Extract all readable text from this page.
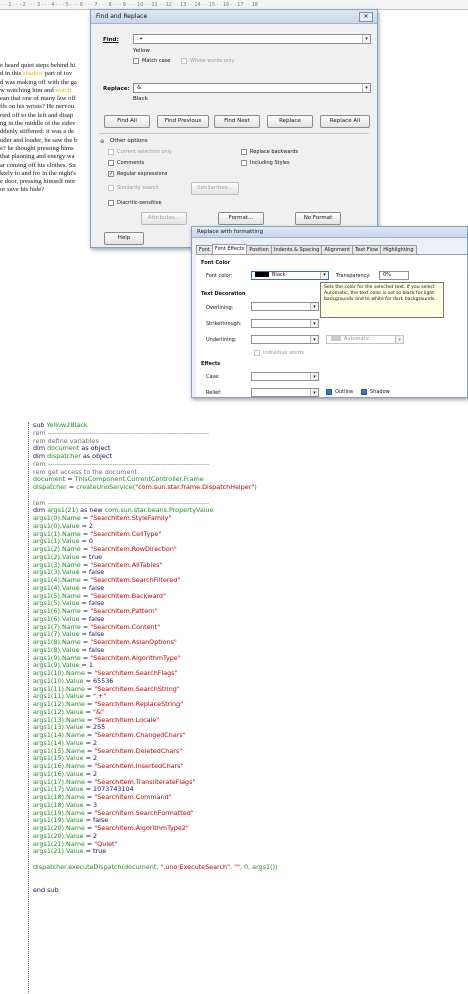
· · 1 · · · 2 · · · 3 · · · 4 · · · 5 · · · 6 · · · 7 · · · 8 · · · 9 · · · 10 · · 11 · · 12 · · 13 · · 14 · · 15 · · 16 · · 17 · · 18
e heard quiet steps behind hi
d in this shadow part of tov
d was making off with the ga
w watching him and watch
ean that one of many law off
ffs on his wrists? He nervou
rted off to the left and disap
ng in the middle of the sidev
ddenly stiffened: it was a de
uder and louder, he saw the b
e? he thought pressing hims
that planning and energy wa
ar coming off his clothes. Su
ktely to and fro in the night's
e door, pressing himself mor
or save his hide?
Find and Replace	✕
Find:	.+	▾
Yellow
Match case	Whole words only
Replace:	&	▾
Black
Find All	Find Previous	Find Next	Replace	Replace All
⊖ Other options
Current selection only	Replace backwards
Comments	Including Styles
✓ Regular expressions
Similarity search	Similarities...
Diacritic-sensitive
Attributes...	Format...	No Format
Help
Replace with formatting
Font	Font Effects	Position	Indents & Spacing	Alignment	Text Flow	Highlighting
Font Color
Font color:	Black	▾	Transparency:	0%
Text Decoration
Overlining:	▾
Strikethrough:	▾
Underlining:	▾	Automatic	▾
Individual words
Effects
Case:	▾
Relief:	▾	Outline	Shadow
Sets the color for the selected text. If you select Automatic, the text color is set to black for light backgrounds and to white for dark backgrounds.
sub Yellow2Black
rem ----------------------------------------------------------------------
rem define variables
dim document as object
dim dispatcher as object
rem ----------------------------------------------------------------------
rem get access to the document
document = ThisComponent.CurrentController.Frame
dispatcher = createUnoService("com.sun.star.frame.DispatchHelper")
rem ----------------------------------------------------------------------
dim args1(21) as new com.sun.star.beans.PropertyValue
args1(0).Name = "SearchItem.StyleFamily"
args1(0).Value = 2
args1(1).Name = "SearchItem.CellType"
args1(1).Value = 0
args1(2).Name = "SearchItem.RowDirection"
args1(2).Value = true
args1(3).Name = "SearchItem.AllTables"
args1(3).Value = false
args1(4).Name = "SearchItem.SearchFiltered"
args1(4).Value = false
args1(5).Name = "SearchItem.Backward"
args1(5).Value = false
args1(6).Name = "SearchItem.Pattern"
args1(6).Value = false
args1(7).Name = "SearchItem.Content"
args1(7).Value = false
args1(8).Name = "SearchItem.AsianOptions"
args1(8).Value = false
args1(9).Name = "SearchItem.AlgorithmType"
args1(9).Value = 1
args1(10).Name = "SearchItem.SearchFlags"
args1(10).Value = 65536
args1(11).Name = "SearchItem.SearchString"
args1(11).Value = ".+"
args1(12).Name = "SearchItem.ReplaceString"
args1(12).Value = "&"
args1(13).Name = "SearchItem.Locale"
args1(13).Value = 255
args1(14).Name = "SearchItem.ChangedChars"
args1(14).Value = 2
args1(15).Name = "SearchItem.DeletedChars"
args1(15).Value = 2
args1(16).Name = "SearchItem.InsertedChars"
args1(16).Value = 2
args1(17).Name = "SearchItem.TransliterateFlags"
args1(17).Value = 1073743104
args1(18).Name = "SearchItem.Command"
args1(18).Value = 3
args1(19).Name = "SearchItem.SearchFormatted"
args1(19).Value = false
args1(20).Name = "SearchItem.AlgorithmType2"
args1(20).Value = 2
args1(21).Name = "Quiet"
args1(21).Value = true
dispatcher.executeDispatch(document, ".uno:ExecuteSearch", "", 0, args1())
end sub
